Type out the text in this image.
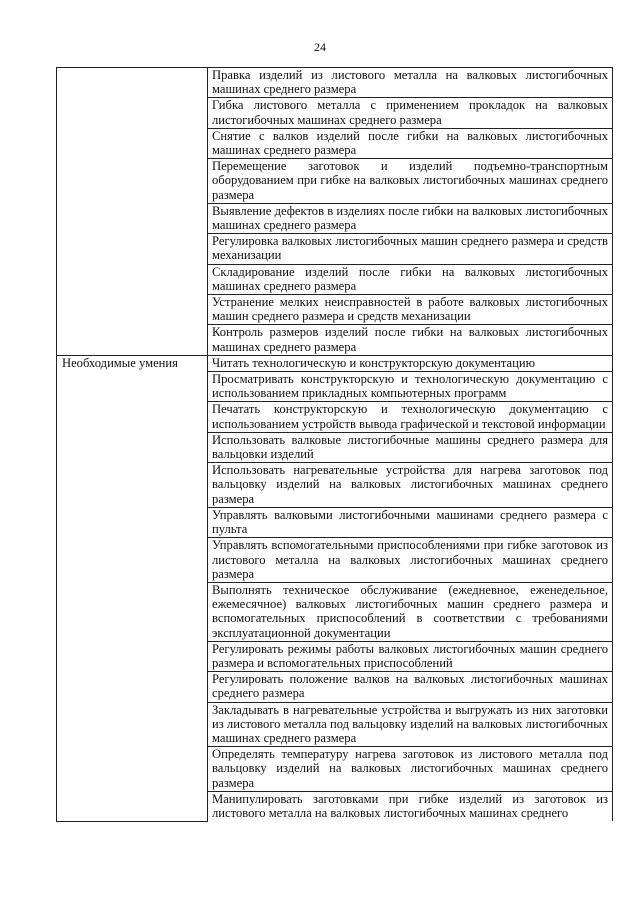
24
	Правка изделий из листового металла на валковых листогибочных машинах среднего размера
	Гибка листового металла с применением прокладок на валковых листогибочных машинах среднего размера
	Снятие с валков изделий после гибки на валковых листогибочных машинах среднего размера
	Перемещение заготовок и изделий подъемно-транспортным оборудованием при гибке на валковых листогибочных машинах среднего размера
	Выявление дефектов в изделиях после гибки на валковых листогибочных машинах среднего размера
	Регулировка валковых листогибочных машин среднего размера и средств механизации
	Складирование изделий после гибки на валковых листогибочных машинах среднего размера
	Устранение мелких неисправностей в работе валковых листогибочных машин среднего размера и средств механизации
	Контроль размеров изделий после гибки на валковых листогибочных машинах среднего размера
Необходимые умения	Читать технологическую и конструкторскую документацию
	Просматривать конструкторскую и технологическую документацию с использованием прикладных компьютерных программ
	Печатать конструкторскую и технологическую документацию с использованием устройств вывода графической и текстовой информации
	Использовать валковые листогибочные машины среднего размера для вальцовки изделий
	Использовать нагревательные устройства для нагрева заготовок под вальцовку изделий на валковых листогибочных машинах среднего размера
	Управлять валковыми листогибочными машинами среднего размера с пульта
	Управлять вспомогательными приспособлениями при гибке заготовок из листового металла на валковых листогибочных машинах среднего размера
	Выполнять техническое обслуживание (ежедневное, еженедельное, ежемесячное) валковых листогибочных машин среднего размера и вспомогательных приспособлений в соответствии с требованиями эксплуатационной документации
	Регулировать режимы работы валковых листогибочных машин среднего размера и вспомогательных приспособлений
	Регулировать положение валков на валковых листогибочных машинах среднего размера
	Закладывать в нагревательные устройства и выгружать из них заготовки из листового металла под вальцовку изделий на валковых листогибочных машинах среднего размера
	Определять температуру нагрева заготовок из листового металла под вальцовку изделий на валковых листогибочных машинах среднего размера
	Манипулировать заготовками при гибке изделий из заготовок из листового металла на валковых листогибочных машинах среднего
